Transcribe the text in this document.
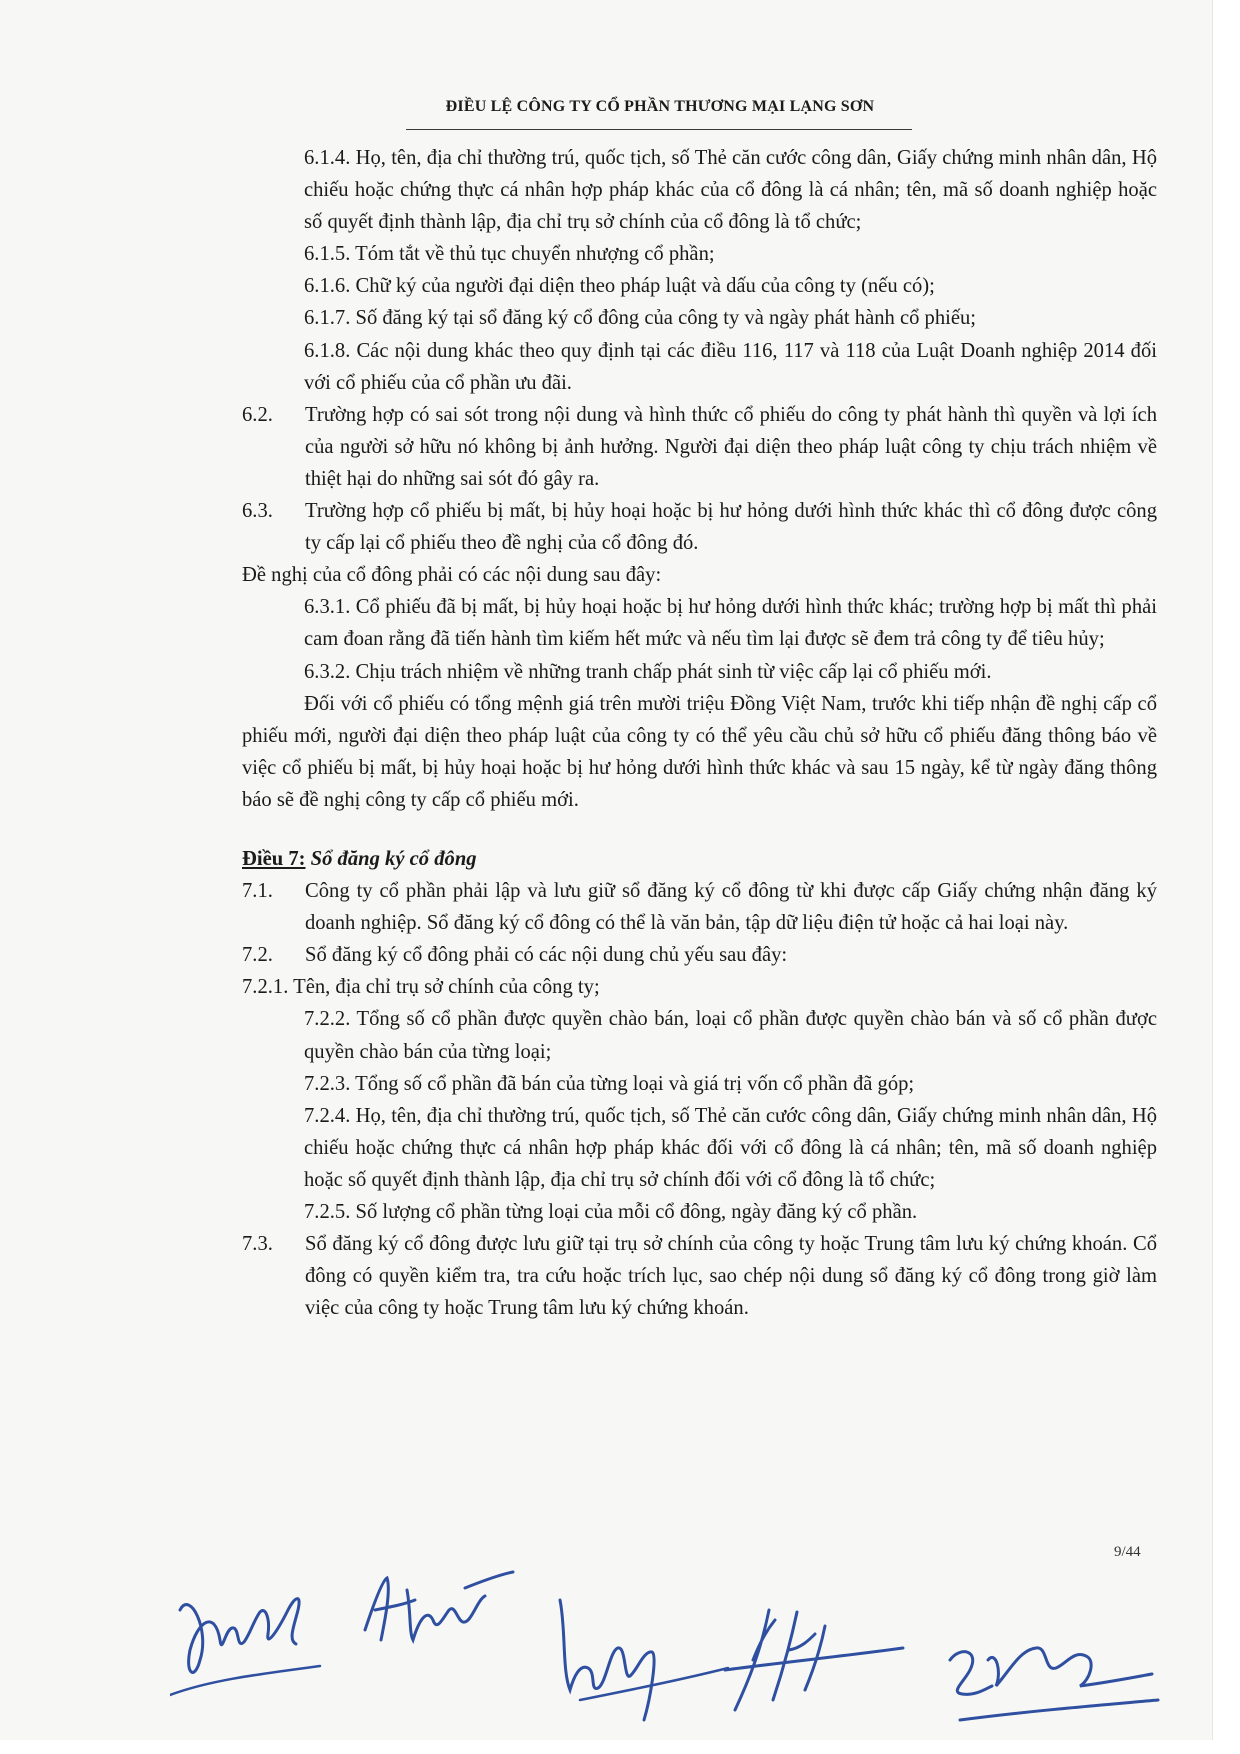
ĐIỀU LỆ CÔNG TY CỔ PHẦN THƯƠNG MẠI LẠNG SƠN

6.1.4. Họ, tên, địa chỉ thường trú, quốc tịch, số Thẻ căn cước công dân, Giấy chứng minh nhân dân, Hộ chiếu hoặc chứng thực cá nhân hợp pháp khác của cổ đông là cá nhân; tên, mã số doanh nghiệp hoặc số quyết định thành lập, địa chỉ trụ sở chính của cổ đông là tổ chức;

6.1.5. Tóm tắt về thủ tục chuyển nhượng cổ phần;

6.1.6. Chữ ký của người đại diện theo pháp luật và dấu của công ty (nếu có);

6.1.7. Số đăng ký tại sổ đăng ký cổ đông của công ty và ngày phát hành cổ phiếu;

6.1.8. Các nội dung khác theo quy định tại các điều 116, 117 và 118 của Luật Doanh nghiệp 2014 đối với cổ phiếu của cổ phần ưu đãi.

6.2.	Trường hợp có sai sót trong nội dung và hình thức cổ phiếu do công ty phát hành thì quyền và lợi ích của người sở hữu nó không bị ảnh hưởng. Người đại diện theo pháp luật công ty chịu trách nhiệm về thiệt hại do những sai sót đó gây ra.

6.3.	Trường hợp cổ phiếu bị mất, bị hủy hoại hoặc bị hư hỏng dưới hình thức khác thì cổ đông được công ty cấp lại cổ phiếu theo đề nghị của cổ đông đó.

Đề nghị của cổ đông phải có các nội dung sau đây:

6.3.1. Cổ phiếu đã bị mất, bị hủy hoại hoặc bị hư hỏng dưới hình thức khác; trường hợp bị mất thì phải cam đoan rằng đã tiến hành tìm kiếm hết mức và nếu tìm lại được sẽ đem trả công ty để tiêu hủy;

6.3.2. Chịu trách nhiệm về những tranh chấp phát sinh từ việc cấp lại cổ phiếu mới.

Đối với cổ phiếu có tổng mệnh giá trên mười triệu Đồng Việt Nam, trước khi tiếp nhận đề nghị cấp cổ phiếu mới, người đại diện theo pháp luật của công ty có thể yêu cầu chủ sở hữu cổ phiếu đăng thông báo về việc cổ phiếu bị mất, bị hủy hoại hoặc bị hư hỏng dưới hình thức khác và sau 15 ngày, kể từ ngày đăng thông báo sẽ đề nghị công ty cấp cổ phiếu mới.

Điều 7: Sổ đăng ký cổ đông

7.1.	Công ty cổ phần phải lập và lưu giữ sổ đăng ký cổ đông từ khi được cấp Giấy chứng nhận đăng ký doanh nghiệp. Sổ đăng ký cổ đông có thể là văn bản, tập dữ liệu điện tử hoặc cả hai loại này.

7.2.	Sổ đăng ký cổ đông phải có các nội dung chủ yếu sau đây:

7.2.1. Tên, địa chỉ trụ sở chính của công ty;

7.2.2. Tổng số cổ phần được quyền chào bán, loại cổ phần được quyền chào bán và số cổ phần được quyền chào bán của từng loại;

7.2.3. Tổng số cổ phần đã bán của từng loại và giá trị vốn cổ phần đã góp;

7.2.4. Họ, tên, địa chỉ thường trú, quốc tịch, số Thẻ căn cước công dân, Giấy chứng minh nhân dân, Hộ chiếu hoặc chứng thực cá nhân hợp pháp khác đối với cổ đông là cá nhân; tên, mã số doanh nghiệp hoặc số quyết định thành lập, địa chỉ trụ sở chính đối với cổ đông là tổ chức;

7.2.5. Số lượng cổ phần từng loại của mỗi cổ đông, ngày đăng ký cổ phần.

7.3.	Sổ đăng ký cổ đông được lưu giữ tại trụ sở chính của công ty hoặc Trung tâm lưu ký chứng khoán. Cổ đông có quyền kiểm tra, tra cứu hoặc trích lục, sao chép nội dung sổ đăng ký cổ đông trong giờ làm việc của công ty hoặc Trung tâm lưu ký chứng khoán.

9/44
